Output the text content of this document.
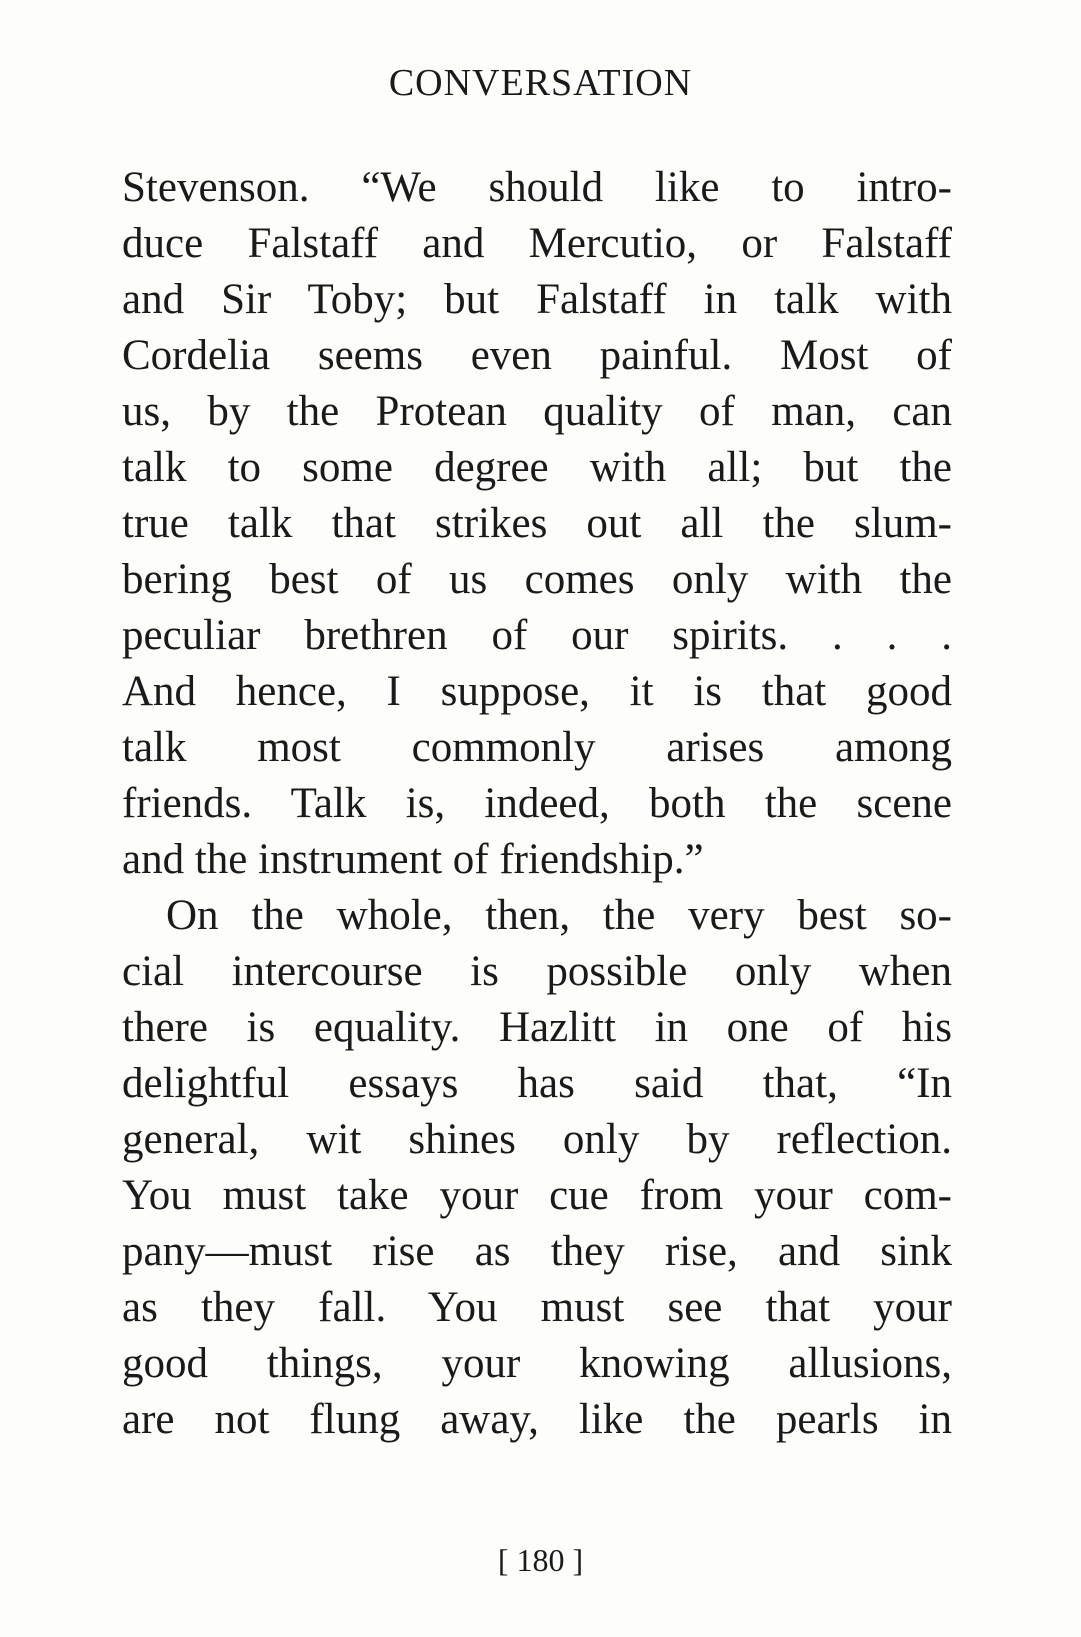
CONVERSATION
Stevenson. “We should like to intro-
duce Falstaff and Mercutio, or Falstaff
and Sir Toby; but Falstaff in talk with
Cordelia seems even painful. Most of
us, by the Protean quality of man, can
talk to some degree with all; but the
true talk that strikes out all the slum-
bering best of us comes only with the
peculiar brethren of our spirits. . . .
And hence, I suppose, it is that good
talk most commonly arises among
friends. Talk is, indeed, both the scene
and the instrument of friendship.”
On the whole, then, the very best so-
cial intercourse is possible only when
there is equality. Hazlitt in one of his
delightful essays has said that, “In
general, wit shines only by reflection.
You must take your cue from your com-
pany—must rise as they rise, and sink
as they fall. You must see that your
good things, your knowing allusions,
are not flung away, like the pearls in
[ 180 ]
